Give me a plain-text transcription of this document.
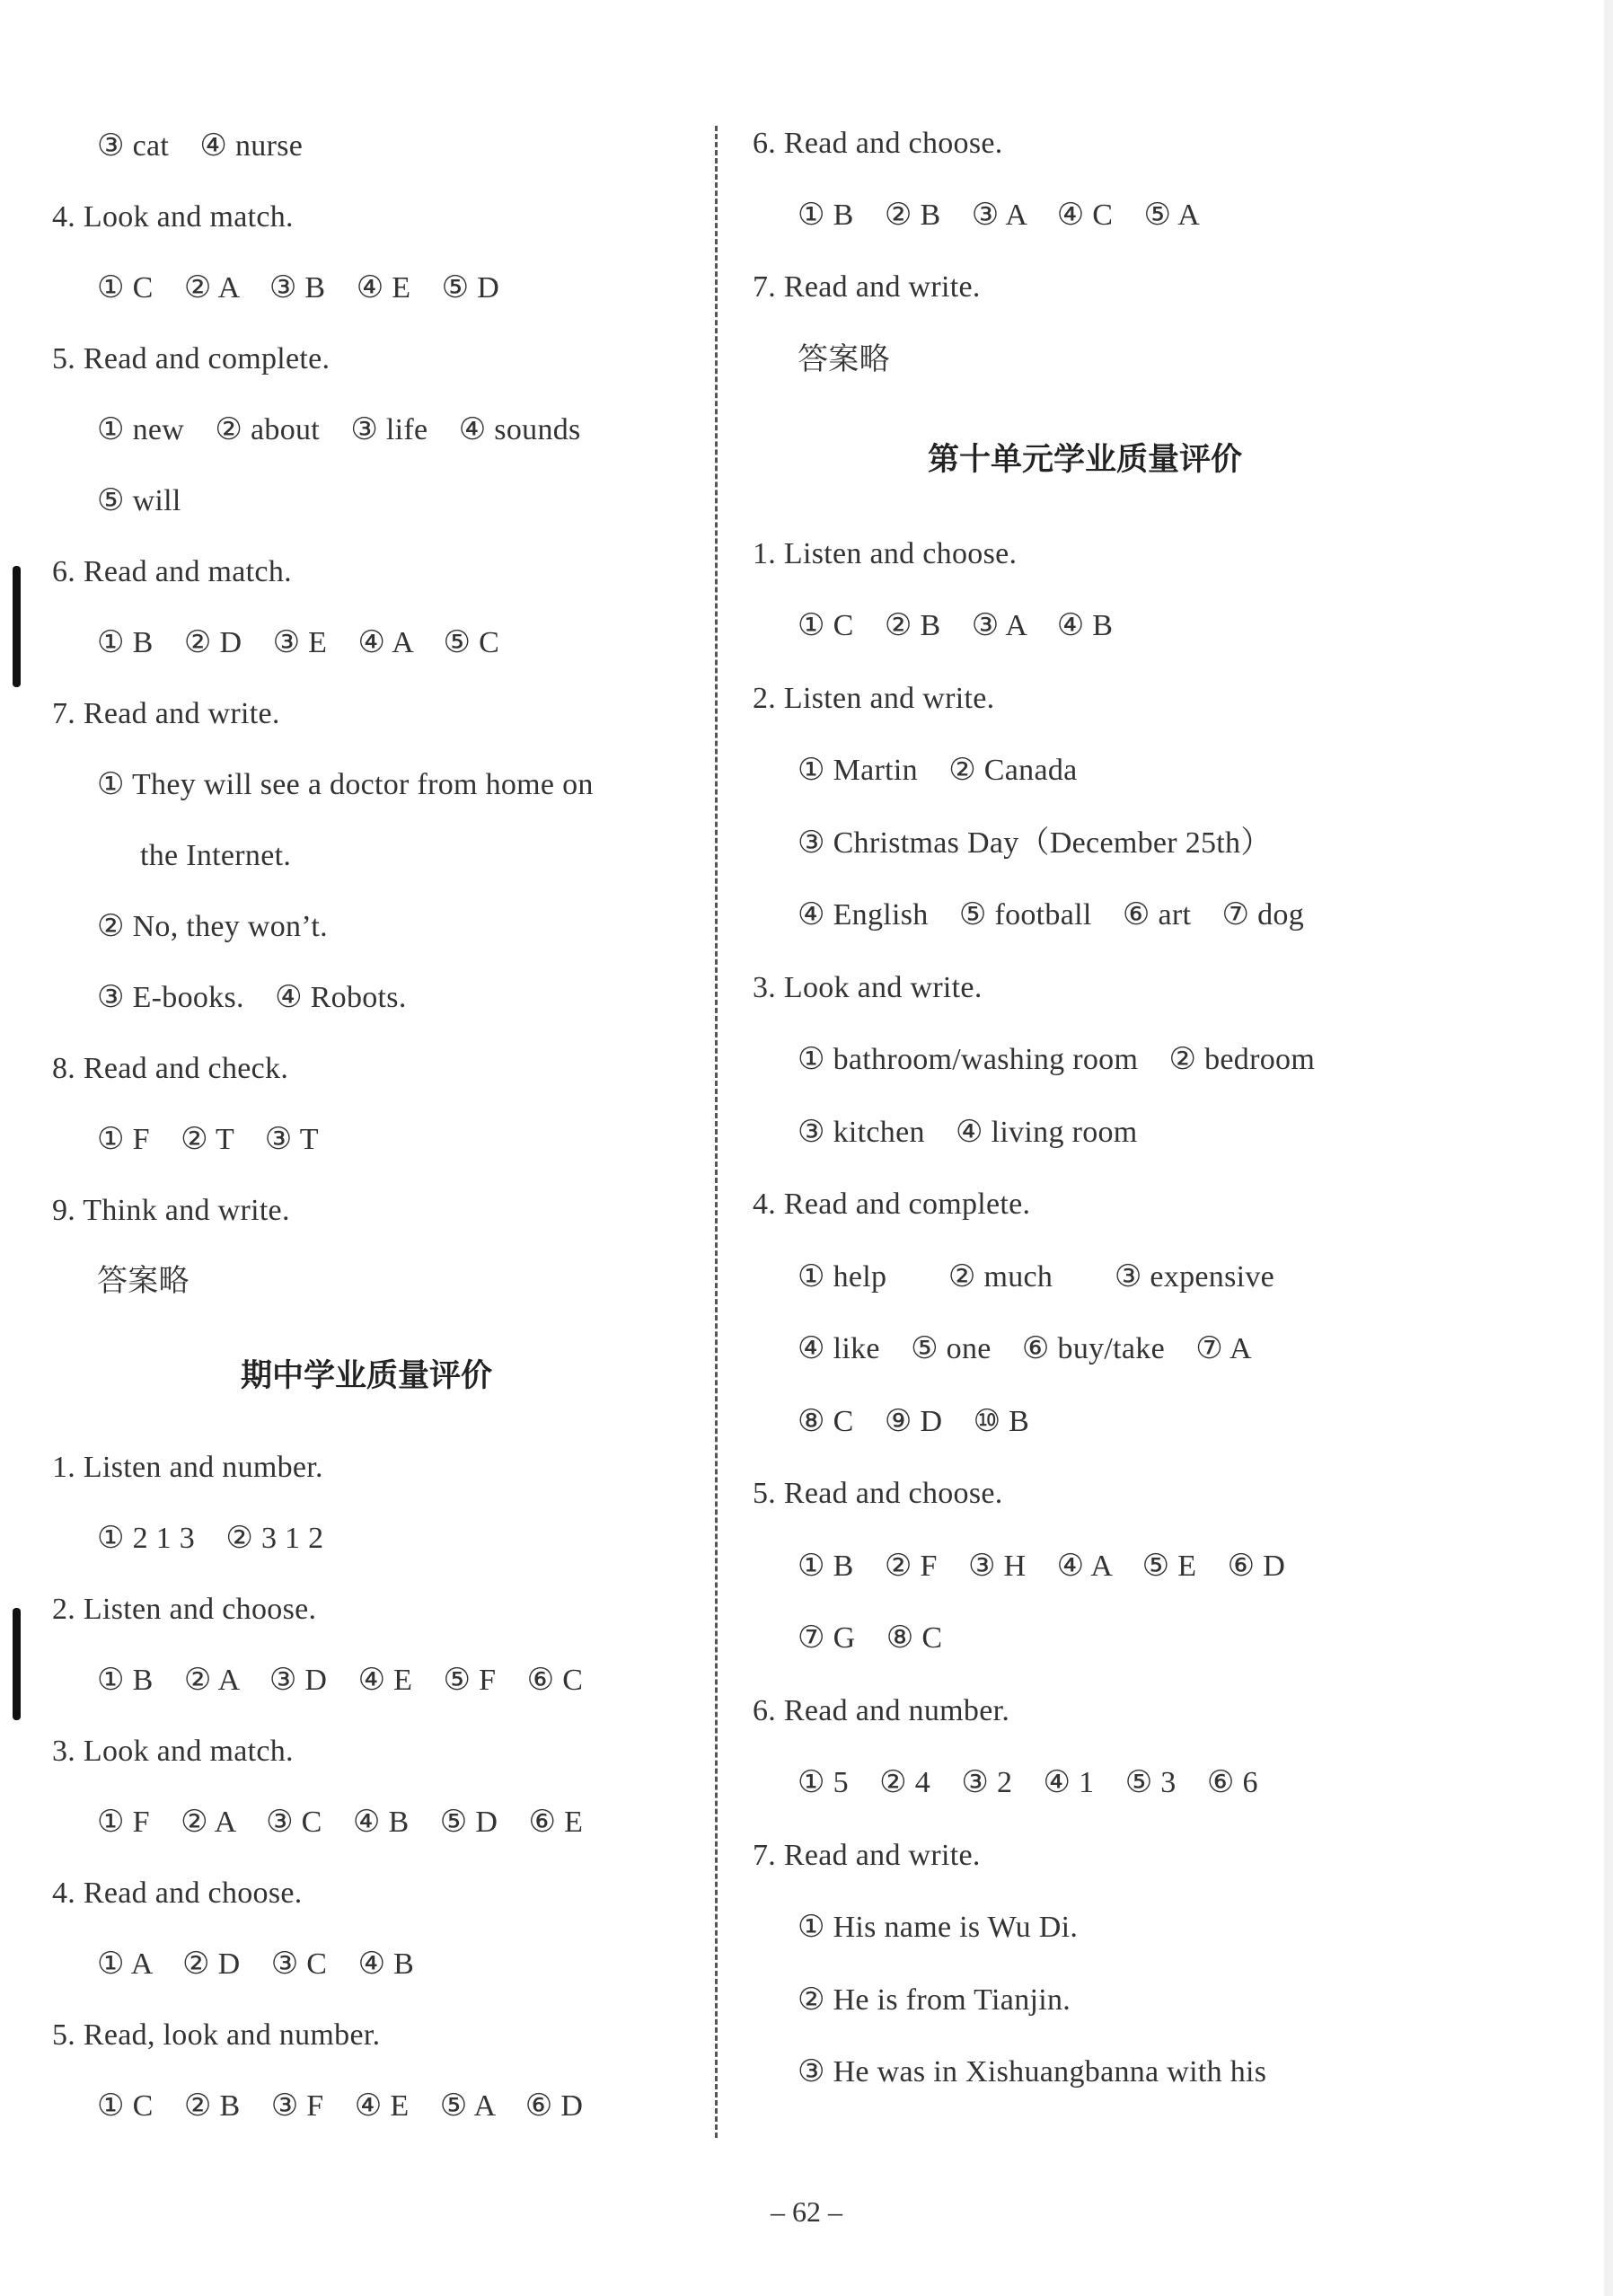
③ cat　④ nurse
4. Look and match.
① C　② A　③ B　④ E　⑤ D
5. Read and complete.
① new　② about　③ life　④ sounds
⑤ will
6. Read and match.
① B　② D　③ E　④ A　⑤ C
7. Read and write.
① They will see a doctor from home on
the Internet.
② No, they won’t.
③ E-books.　④ Robots.
8. Read and check.
① F　② T　③ T
9. Think and write.
答案略
期中学业质量评价
1. Listen and number.
① 2 1 3　② 3 1 2
2. Listen and choose.
① B　② A　③ D　④ E　⑤ F　⑥ C
3. Look and match.
① F　② A　③ C　④ B　⑤ D　⑥ E
4. Read and choose.
① A　② D　③ C　④ B
5. Read, look and number.
① C　② B　③ F　④ E　⑤ A　⑥ D
6. Read and choose.
① B　② B　③ A　④ C　⑤ A
7. Read and write.
答案略
第十单元学业质量评价
1. Listen and choose.
① C　② B　③ A　④ B
2. Listen and write.
① Martin　② Canada
③ Christmas Day（December 25th）
④ English　⑤ football　⑥ art　⑦ dog
3. Look and write.
① bathroom/washing room　② bedroom
③ kitchen　④ living room
4. Read and complete.
① help　　② much　　③ expensive
④ like　⑤ one　⑥ buy/take　⑦ A
⑧ C　⑨ D　⑩ B
5. Read and choose.
① B　② F　③ H　④ A　⑤ E　⑥ D
⑦ G　⑧ C
6. Read and number.
① 5　② 4　③ 2　④ 1　⑤ 3　⑥ 6
7. Read and write.
① His name is Wu Di.
② He is from Tianjin.
③ He was in Xishuangbanna with his
– 62 –
